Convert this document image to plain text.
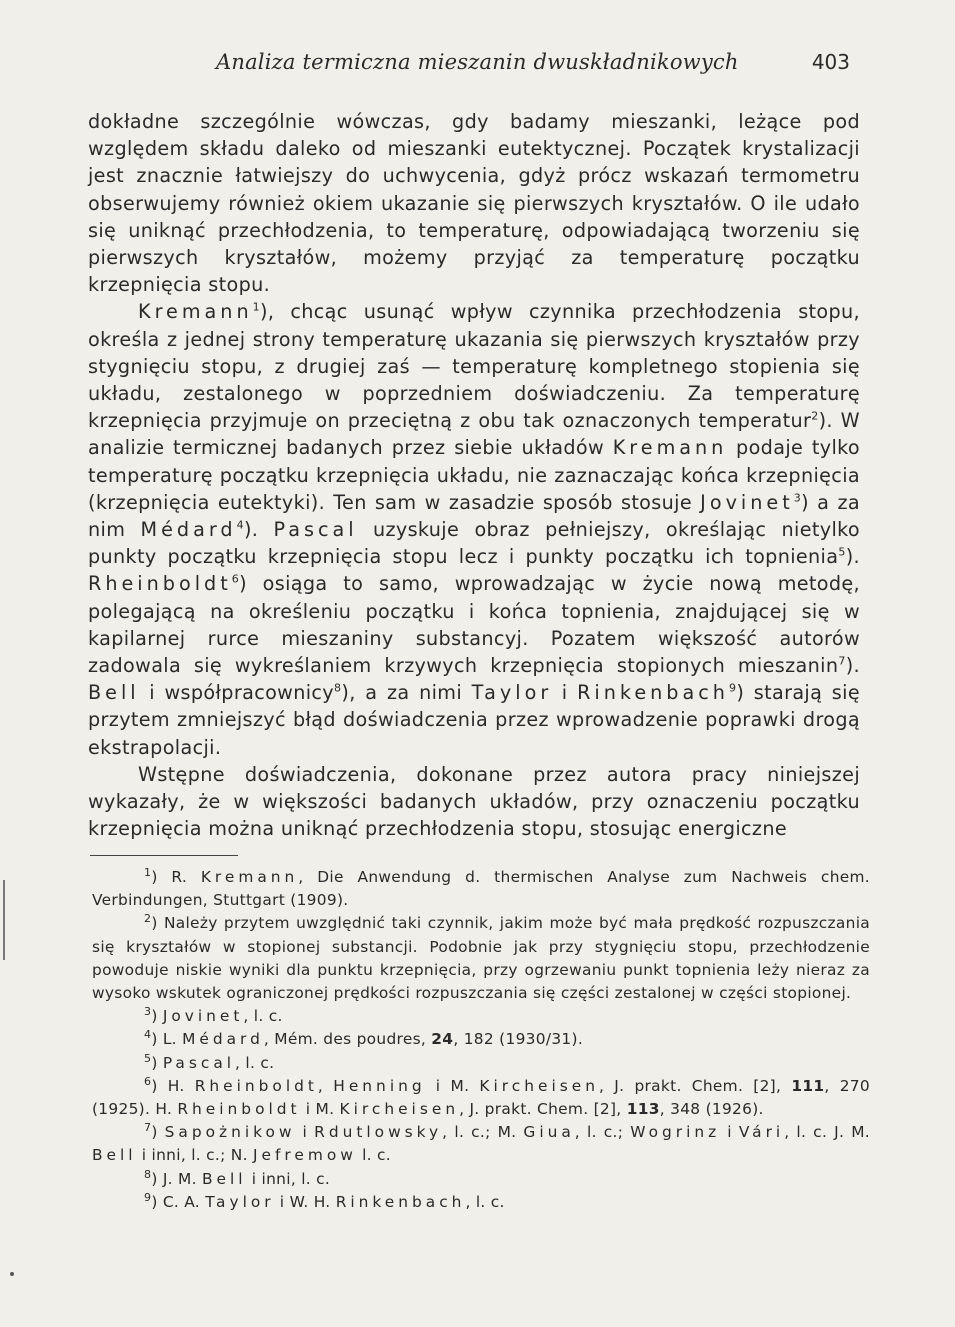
Analiza termiczna mieszanin dwuskładnikowych	403

dokładne szczególnie wówczas, gdy badamy mieszanki, leżące pod względem składu daleko od mieszanki eutektycznej. Początek krystalizacji jest znacznie łatwiejszy do uchwycenia, gdyż prócz wskazań termometru obserwujemy również okiem ukazanie się pierwszych kryształów. O ile udało się uniknąć przechłodzenia, to temperaturę, odpowiadającą tworzeniu się pierwszych kryształów, możemy przyjąć za temperaturę początku krzepnięcia stopu.

Kremann$^1$), chcąc usunąć wpływ czynnika przechłodzenia stopu, określa z jednej strony temperaturę ukazania się pierwszych kryształów przy stygnięciu stopu, z drugiej zaś — temperaturę kompletnego stopienia się układu, zestalonego w poprzedniem doświadczeniu. Za temperaturę krzepnięcia przyjmuje on przeciętną z obu tak oznaczonych temperatur$^2$). W analizie termicznej badanych przez siebie układów Kremann podaje tylko temperaturę początku krzepnięcia układu, nie zaznaczając końca krzepnięcia (krzepnięcia eutektyki). Ten sam w zasadzie sposób stosuje Jovinet$^3$) a za nim Médard$^4$). Pascal uzyskuje obraz pełniejszy, określając nietylko punkty początku krzepnięcia stopu lecz i punkty początku ich topnienia$^5$). Rheinboldt$^6$) osiąga to samo, wprowadzając w życie nową metodę, polegającą na określeniu początku i końca topnienia, znajdującej się w kapilarnej rurce mieszaniny substancyj. Pozatem większość autorów zadowala się wykreślaniem krzywych krzepnięcia stopionych mieszanin$^7$). Bell i współpracownicy$^8$), a za nimi Taylor i Rinkenbach$^9$) starają się przytem zmniejszyć błąd doświadczenia przez wprowadzenie poprawki drogą ekstrapolacji.

Wstępne doświadczenia, dokonane przez autora pracy niniejszej wykazały, że w większości badanych układów, przy oznaczeniu początku krzepnięcia można uniknąć przechłodzenia stopu, stosując energiczne

$^1$) R. Kremann, Die Anwendung d. thermischen Analyse zum Nachweis chem. Verbindungen, Stuttgart (1909).

$^2$) Należy przytem uwzględnić taki czynnik, jakim może być mała prędkość rozpuszczania się kryształów w stopionej substancji. Podobnie jak przy stygnięciu stopu, przechłodzenie powoduje niskie wyniki dla punktu krzepnięcia, przy ogrzewaniu punkt topnienia leży nieraz za wysoko wskutek ograniczonej prędkości rozpuszczania się części zestalonej w części stopionej.

$^3$) Jovinet, l. c.

$^4$) L. Médard, Mém. des poudres, 24, 182 (1930/31).

$^5$) Pascal, l. c.

$^6$) H. Rheinboldt, Henning i M. Kircheisen, J. prakt. Chem. [2], 111, 270 (1925). H. Rheinboldt i M. Kircheisen, J. prakt. Chem. [2], 113, 348 (1926).

$^7$) Sapożnikow i Rdutlowsky, l. c.; M. Giua, l. c.; Wogrinz i Vári, l. c. J. M. Bell i inni, l. c.; N. Jefremow l. c.

$^8$) J. M. Bell i inni, l. c.

$^9$) C. A. Taylor i W. H. Rinkenbach, l. c.
